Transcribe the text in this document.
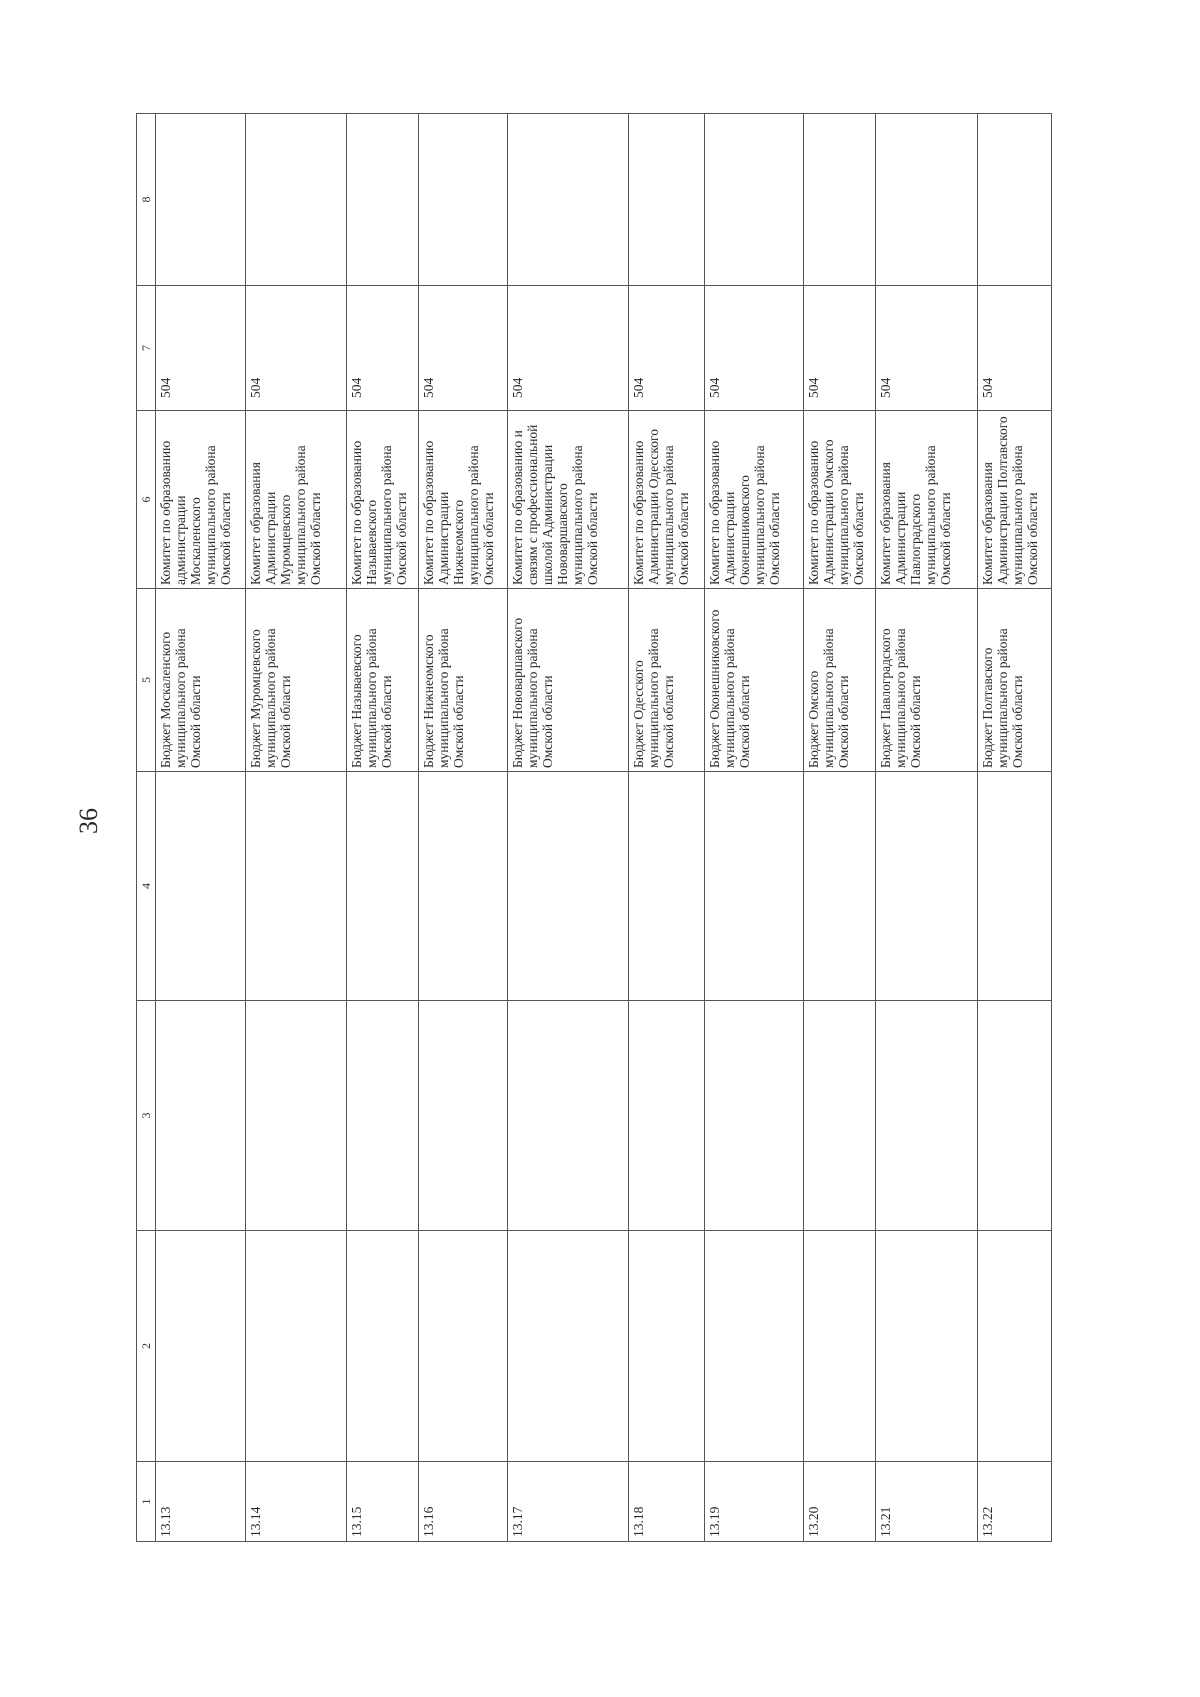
36
1	2	3	4	5	6	7	8
13.13				Бюджет Москаленского муниципального района Омской области	Комитет по образованию администрации Москаленского муниципального района Омской области	504	
13.14				Бюджет Муромцевского муниципального района Омской области	Комитет образования Администрации Муромцевского муниципального района Омской области	504	
13.15				Бюджет Называевского муниципального района Омской области	Комитет по образованию Называевского муниципального района Омской области	504	
13.16				Бюджет Нижнеомского муниципального района Омской области	Комитет по образованию Администрации Нижнеомского муниципального района Омской области	504	
13.17				Бюджет Нововаршавского муниципального района Омской области	Комитет по образованию и связям с профессиональной школой Администрации Нововаршавского муниципального района Омской области	504	
13.18				Бюджет Одесского муниципального района Омской области	Комитет по образованию Администрации Одесского муниципального района Омской области	504	
13.19				Бюджет Оконешниковского муниципального района Омской области	Комитет по образованию Администрации Оконешниковского муниципального района Омской области	504	
13.20				Бюджет Омского муниципального района Омской области	Комитет по образованию Администрации Омского муниципального района Омской области	504	
13.21				Бюджет Павлоградского муниципального района Омской области	Комитет образования Администрации Павлоградского муниципального района Омской области	504	
13.22				Бюджет Полтавского муниципального района Омской области	Комитет образования Администрации Полтавского муниципального района Омской области	504	
